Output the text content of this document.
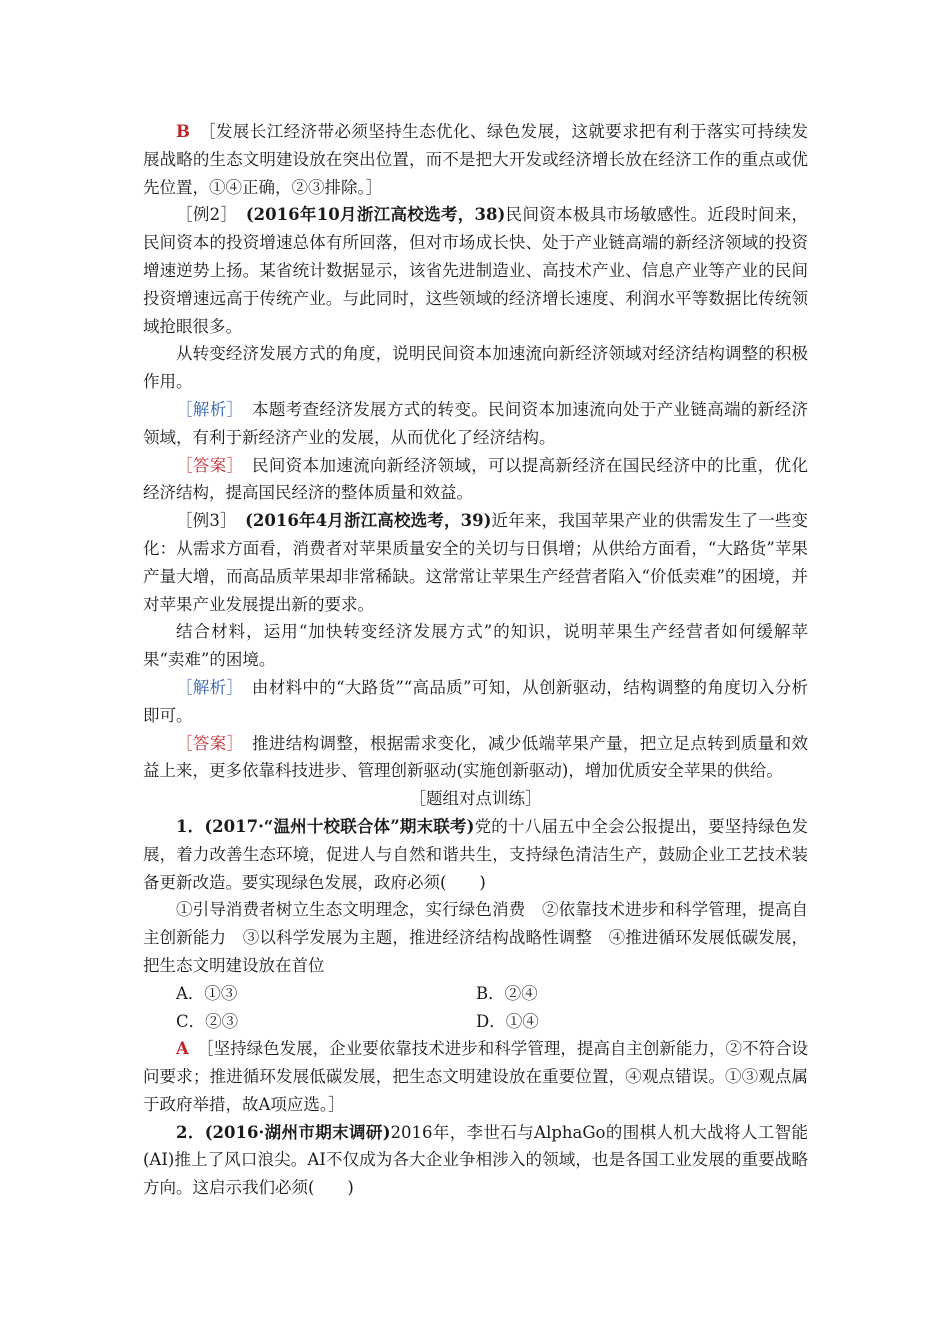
B　 ［发展长江经济带必须坚持生态优化、绿色发展，这就要求把有利于落实可持续发展战略的生态文明建设放在突出位置，而不是把大开发或经济增长放在经济工作的重点或优先位置，①④正确，②③排除。］

［例2］　 (2016年10月浙江高校选考，38)民间资本极具市场敏感性。近段时间来，民间资本的投资增速总体有所回落，但对市场成长快、处于产业链高端的新经济领域的投资增速逆势上扬。某省统计数据显示，该省先进制造业、高技术产业、信息产业等产业的民间投资增速远高于传统产业。与此同时，这些领域的经济增长速度、利润水平等数据比传统领域抢眼很多。

从转变经济发展方式的角度，说明民间资本加速流向新经济领域对经济结构调整的积极作用。

［解析］　 本题考查经济发展方式的转变。民间资本加速流向处于产业链高端的新经济领域，有利于新经济产业的发展，从而优化了经济结构。

［答案］　 民间资本加速流向新经济领域，可以提高新经济在国民经济中的比重，优化经济结构，提高国民经济的整体质量和效益。

［例3］　 (2016年4月浙江高校选考，39)近年来，我国苹果产业的供需发生了一些变化：从需求方面看，消费者对苹果质量安全的关切与日俱增；从供给方面看，“大路货”苹果产量大增，而高品质苹果却非常稀缺。这常常让苹果生产经营者陷入“价低卖难”的困境，并对苹果产业发展提出新的要求。

结合材料，运用“加快转变经济发展方式”的知识，说明苹果生产经营者如何缓解苹果“卖难”的困境。

［解析］　 由材料中的“大路货”“高品质”可知，从创新驱动，结构调整的角度切入分析即可。

［答案］　 推进结构调整，根据需求变化，减少低端苹果产量，把立足点转到质量和效益上来，更多依靠科技进步、管理创新驱动(实施创新驱动)，增加优质安全苹果的供给。

［题组对点训练］

1．(2017·“温州十校联合体”期末联考)党的十八届五中全会公报提出，要坚持绿色发展，着力改善生态环境，促进人与自然和谐共生，支持绿色清洁生产，鼓励企业工艺技术装备更新改造。要实现绿色发展，政府必须(　　)

①引导消费者树立生态文明理念，实行绿色消费　②依靠技术进步和科学管理，提高自主创新能力　③以科学发展为主题，推进经济结构战略性调整　④推进循环发展低碳发展，把生态文明建设放在首位

A．①③	B．②④
C．②③	D．①④

A　 ［坚持绿色发展，企业要依靠技术进步和科学管理，提高自主创新能力，②不符合设问要求；推进循环发展低碳发展，把生态文明建设放在重要位置，④观点错误。①③观点属于政府举措，故A项应选。］

2．(2016·湖州市期末调研)2016年，李世石与AlphaGo的围棋人机大战将人工智能(AI)推上了风口浪尖。AI不仅成为各大企业争相涉入的领域，也是各国工业发展的重要战略方向。这启示我们必须(　　)
